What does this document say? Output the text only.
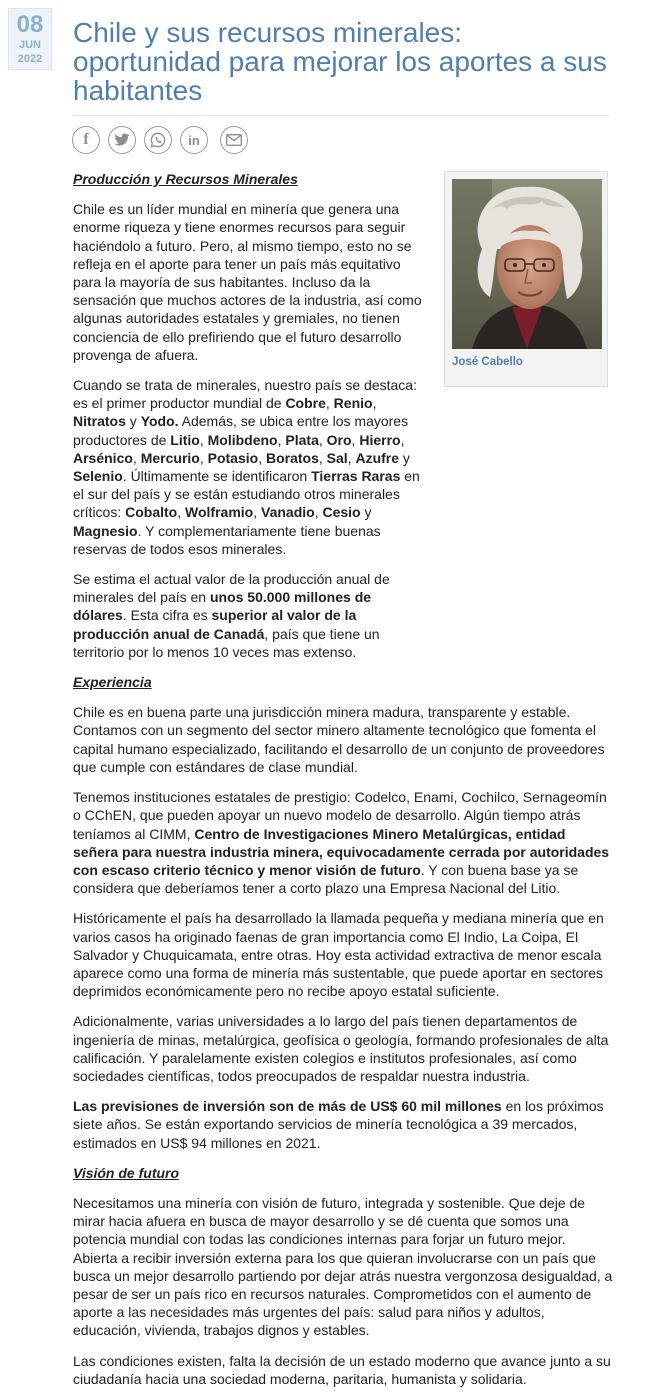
08
JUN
2022
Chile y sus recursos minerales: oportunidad para mejorar los aportes a sus habitantes
f	in
José Cabello

Producción y Recursos Minerales

Chile es un líder mundial en minería que genera una enorme riqueza y tiene enormes recursos para seguir haciéndolo a futuro. Pero, al mismo tiempo, esto no se refleja en el aporte para tener un país más equitativo para la mayoría de sus habitantes. Incluso da la sensación que muchos actores de la industria, así como algunas autoridades estatales y gremiales, no tienen conciencia de ello prefiriendo que el futuro desarrollo provenga de afuera.

Cuando se trata de minerales, nuestro país se destaca: es el primer productor mundial de Cobre, Renio, Nitratos y Yodo. Además, se ubica entre los mayores productores de Litio, Molibdeno, Plata, Oro, Hierro, Arsénico, Mercurio, Potasio, Boratos, Sal, Azufre y Selenio. Últimamente se identificaron Tierras Raras en el sur del país y se están estudiando otros minerales críticos: Cobalto, Wolframio, Vanadio, Cesio y Magnesio. Y complementariamente tiene buenas reservas de todos esos minerales.

Se estima el actual valor de la producción anual de minerales del país en unos 50.000 millones de dólares. Esta cifra es superior al valor de la producción anual de Canadá, país que tiene un territorio por lo menos 10 veces mas extenso.

Experiencia

Chile es en buena parte una jurisdicción minera madura, transparente y estable. Contamos con un segmento del sector minero altamente tecnológico que fomenta el capital humano especializado, facilitando el desarrollo de un conjunto de proveedores que cumple con estándares de clase mundial.

Tenemos instituciones estatales de prestigio: Codelco, Enami, Cochilco, Sernageomín o CChEN, que pueden apoyar un nuevo modelo de desarrollo. Algún tiempo atrás teníamos al CIMM, Centro de Investigaciones Minero Metalúrgicas, entidad señera para nuestra industria minera, equivocadamente cerrada por autoridades con escaso criterio técnico y menor visión de futuro. Y con buena base ya se considera que deberíamos tener a corto plazo una Empresa Nacional del Litio.

Históricamente el país ha desarrollado la llamada pequeña y mediana minería que en varios casos ha originado faenas de gran importancia como El Indio, La Coipa, El Salvador y Chuquicamata, entre otras. Hoy esta actividad extractiva de menor escala aparece como una forma de minería más sustentable, que puede aportar en sectores deprimidos económicamente pero no recibe apoyo estatal suficiente.

Adicionalmente, varias universidades a lo largo del país tienen departamentos de ingeniería de minas, metalúrgica, geofísica o geología, formando profesionales de alta calificación. Y paralelamente existen colegios e institutos profesionales, así como sociedades científicas, todos preocupados de respaldar nuestra industria.

Las previsiones de inversión son de más de US$ 60 mil millones en los próximos siete años. Se están exportando servicios de minería tecnológica a 39 mercados, estimados en US$ 94 millones en 2021.

Visión de futuro

Necesitamos una minería con visión de futuro, integrada y sostenible. Que deje de mirar hacia afuera en busca de mayor desarrollo y se dé cuenta que somos una potencia mundial con todas las condiciones internas para forjar un futuro mejor. Abierta a recibir inversión externa para los que quieran involucrarse con un país que busca un mejor desarrollo partiendo por dejar atrás nuestra vergonzosa desigualdad, a pesar de ser un país rico en recursos naturales. Comprometidos con el aumento de aporte a las necesidades más urgentes del país: salud para niños y adultos, educación, vivienda, trabajos dignos y estables.

Las condiciones existen, falta la decisión de un estado moderno que avance junto a su ciudadanía hacia una sociedad moderna, paritaria, humanista y solidaria.
